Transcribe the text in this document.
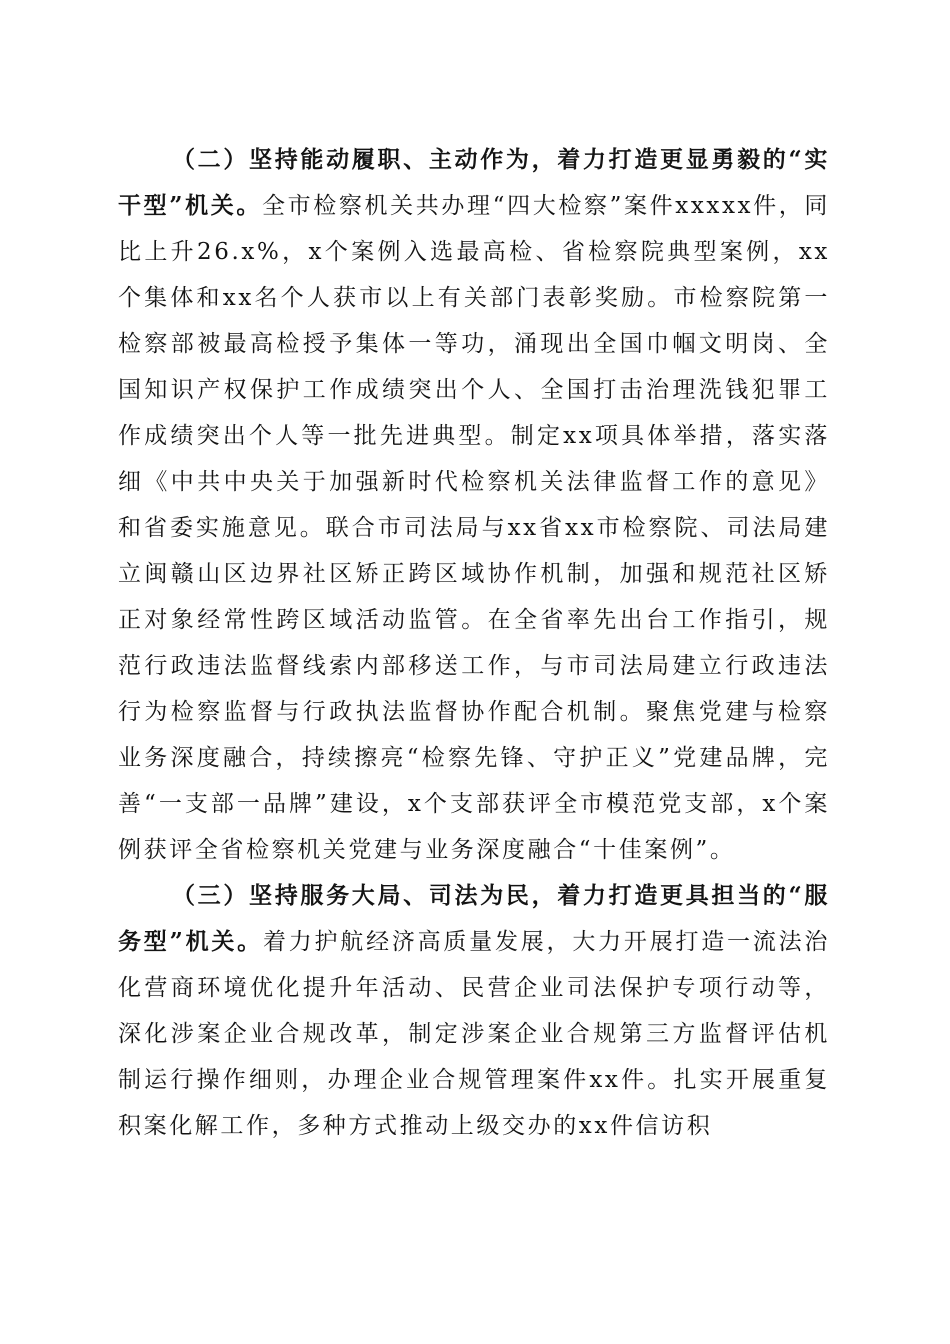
（二）坚持能动履职、主动作为，着力打造更显勇毅的“实干型”机关。全市检察机关共办理“四大检察”案件xxxxx件，同比上升26.x%，x个案例入选最高检、省检察院典型案例，xx个集体和xx名个人获市以上有关部门表彰奖励。市检察院第一检察部被最高检授予集体一等功，涌现出全国巾帼文明岗、全国知识产权保护工作成绩突出个人、全国打击治理洗钱犯罪工作成绩突出个人等一批先进典型。制定xx项具体举措，落实落细《中共中央关于加强新时代检察机关法律监督工作的意见》和省委实施意见。联合市司法局与xx省xx市检察院、司法局建立闽赣山区边界社区矫正跨区域协作机制，加强和规范社区矫正对象经常性跨区域活动监管。在全省率先出台工作指引，规范行政违法监督线索内部移送工作，与市司法局建立行政违法行为检察监督与行政执法监督协作配合机制。聚焦党建与检察业务深度融合，持续擦亮“检察先锋、守护正义”党建品牌，完善“一支部一品牌”建设，x个支部获评全市模范党支部，x个案例获评全省检察机关党建与业务深度融合“十佳案例”。

（三）坚持服务大局、司法为民，着力打造更具担当的“服务型”机关。着力护航经济高质量发展，大力开展打造一流法治化营商环境优化提升年活动、民营企业司法保护专项行动等，深化涉案企业合规改革，制定涉案企业合规第三方监督评估机制运行操作细则，办理企业合规管理案件xx件。扎实开展重复积案化解工作，多种方式推动上级交办的xx件信访积
